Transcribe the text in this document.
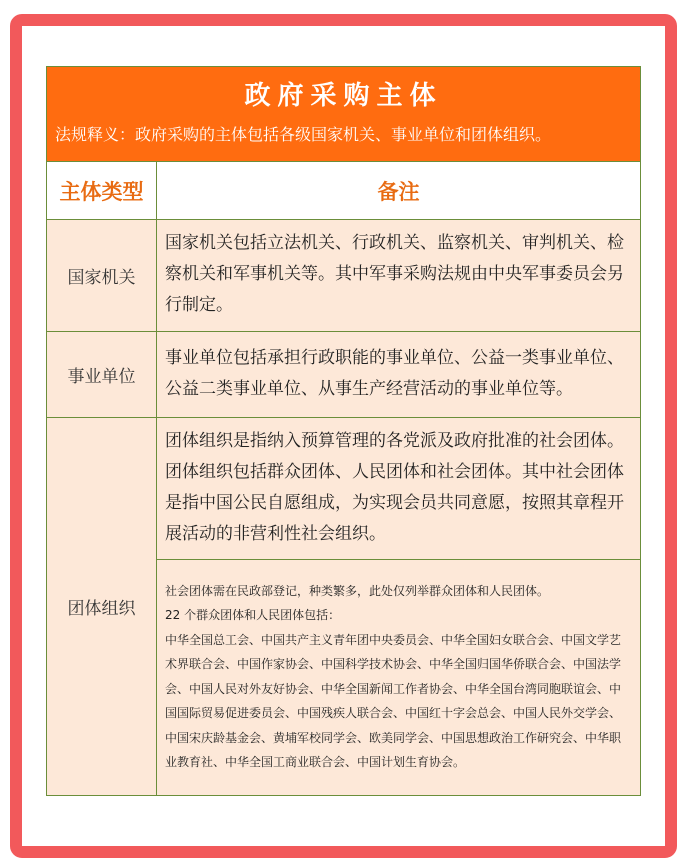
政府采购主体
法规释义：政府采购的主体包括各级国家机关、事业单位和团体组织。	

主体类型	备注
国家机关	国家机关包括立法机关、行政机关、监察机关、审判机关、检察机关和军事机关等。其中军事采购法规由中央军事委员会另行制定。
事业单位	事业单位包括承担行政职能的事业单位、公益一类事业单位、公益二类事业单位、从事生产经营活动的事业单位等。
团体组织	团体组织是指纳入预算管理的各党派及政府批准的社会团体。团体组织包括群众团体、人民团体和社会团体。其中社会团体是指中国公民自愿组成，为实现会员共同意愿，按照其章程开展活动的非营利性社会组织。

	社会团体需在民政部登记，种类繁多，此处仅列举群众团体和人民团体。

22 个群众团体和人民团体包括：

中华全国总工会、中国共产主义青年团中央委员会、中华全国妇女联合会、中国文学艺术界联合会、中国作家协会、中国科学技术协会、中华全国归国华侨联合会、中国法学会、中国人民对外友好协会、中华全国新闻工作者协会、中华全国台湾同胞联谊会、中国国际贸易促进委员会、中国残疾人联合会、中国红十字会总会、中国人民外交学会、中国宋庆龄基金会、黄埔军校同学会、欧美同学会、中国思想政治工作研究会、中华职业教育社、中华全国工商业联合会、中国计划生育协会。
